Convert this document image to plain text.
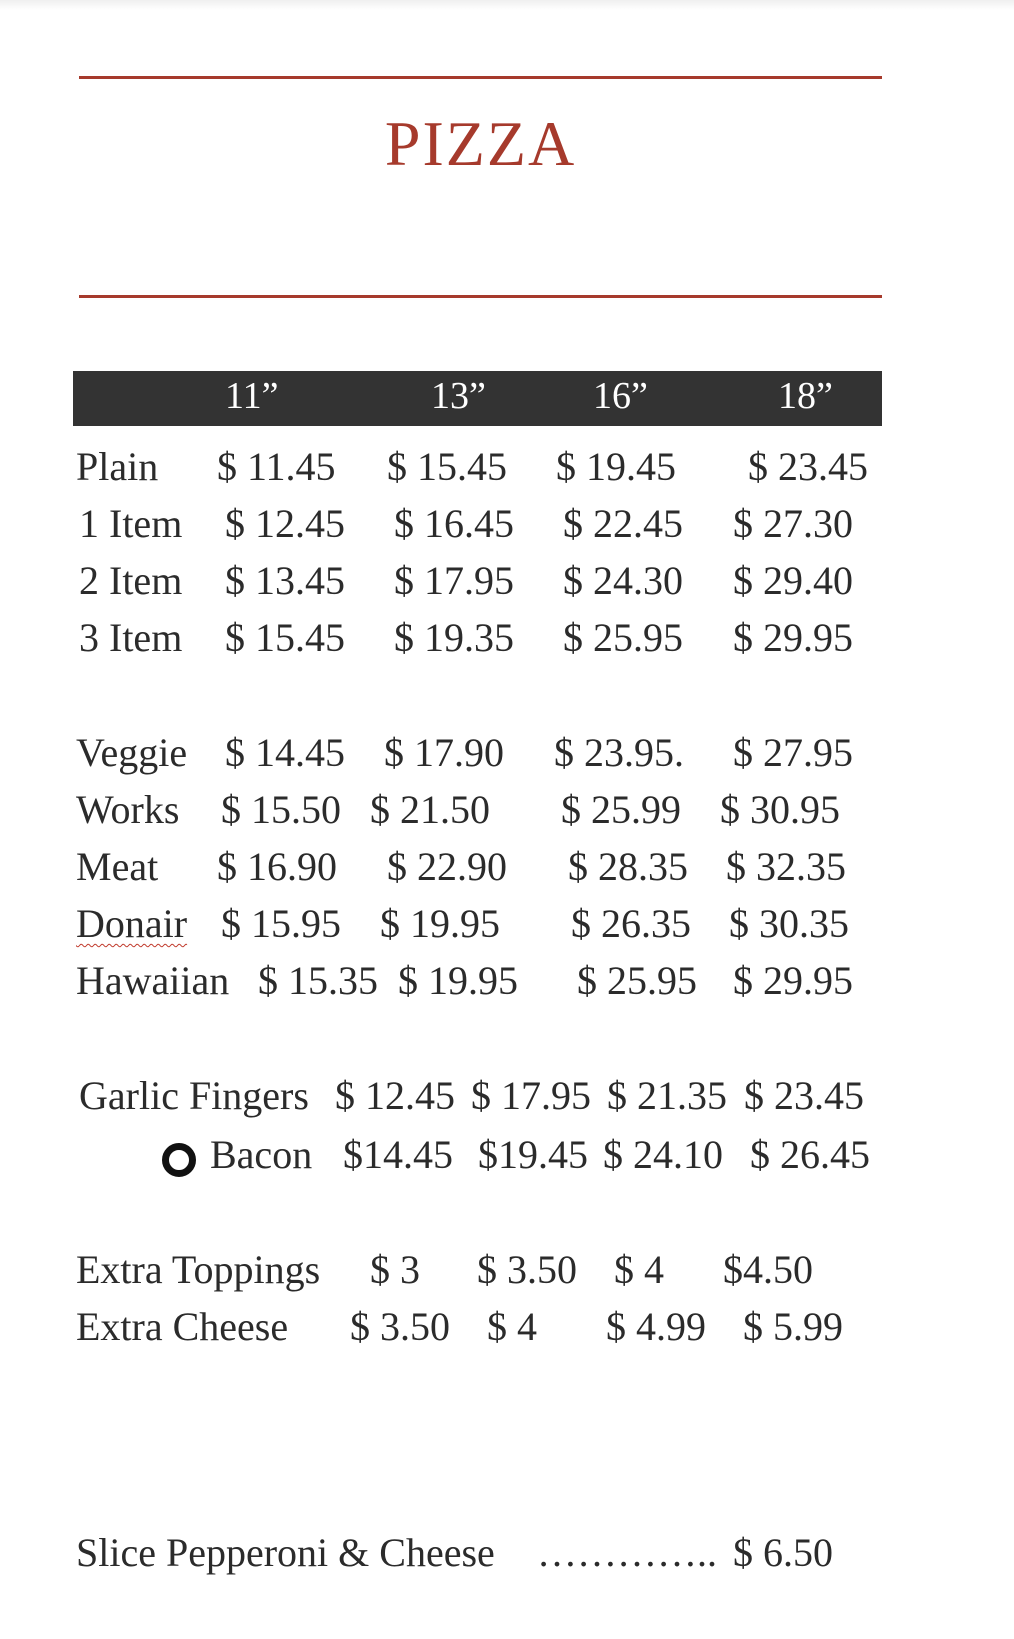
PIZZA
11”	13”	16”	18”
Plain $ 11.45 $ 15.45 $ 19.45 $ 23.45
1 Item $ 12.45 $ 16.45 $ 22.45 $ 27.30
2 Item $ 13.45 $ 17.95 $ 24.30 $ 29.40
3 Item $ 15.45 $ 19.35 $ 25.95 $ 29.95
Veggie $ 14.45 $ 17.90 $ 23.95. $ 27.95
Works $ 15.50 $ 21.50 $ 25.99 $ 30.95
Meat $ 16.90 $ 22.90 $ 28.35 $ 32.35
Donair $ 15.95 $ 19.95 $ 26.35 $ 30.35
Hawaiian $ 15.35 $ 19.95 $ 25.95 $ 29.95
Garlic Fingers $ 12.45 $ 17.95 $ 21.35 $ 23.45
Bacon $14.45 $19.45 $ 24.10 $ 26.45
Extra Toppings $ 3 $ 3.50 $ 4 $4.50
Extra Cheese $ 3.50 $ 4 $ 4.99 $ 5.99
Slice Pepperoni & Cheese ………….. $ 6.50
